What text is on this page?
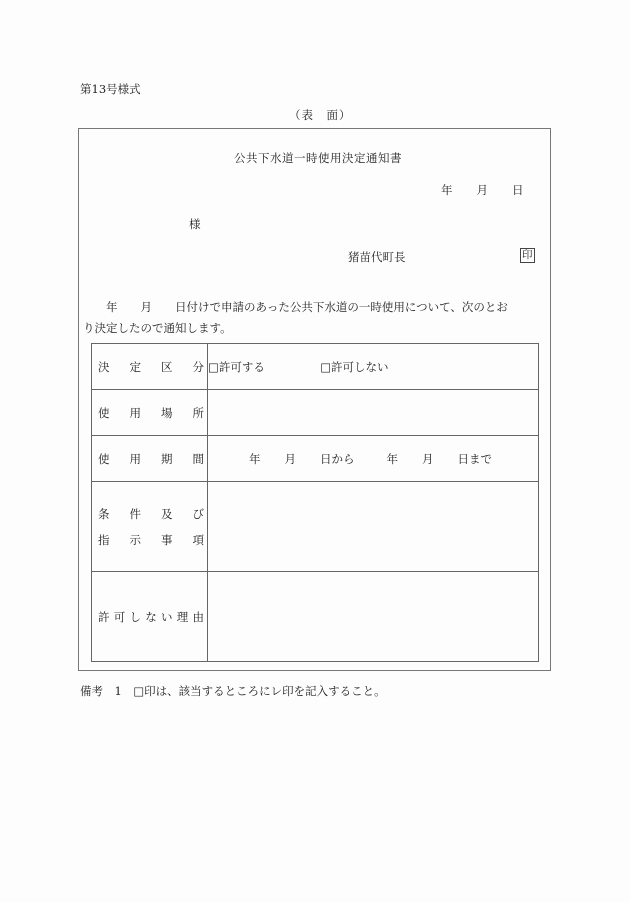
第13号様式
（表　面）
公共下水道一時使用決定通知書
年 月 日
様
猪苗代町長	印
　　年　　月　　日付けで申請のあった公共下水道の一時使用について、次のとお
り決定したので通知します。
決 定 区 分	□許可する □許可しない

使 用 場 所	

使 用 期 間	年 月 日から 年 月 日まで

条 件 及 び
指 示 事 項

許 可 し な い 理 由

備考　1　□印は、該当するところにレ印を記入すること。
